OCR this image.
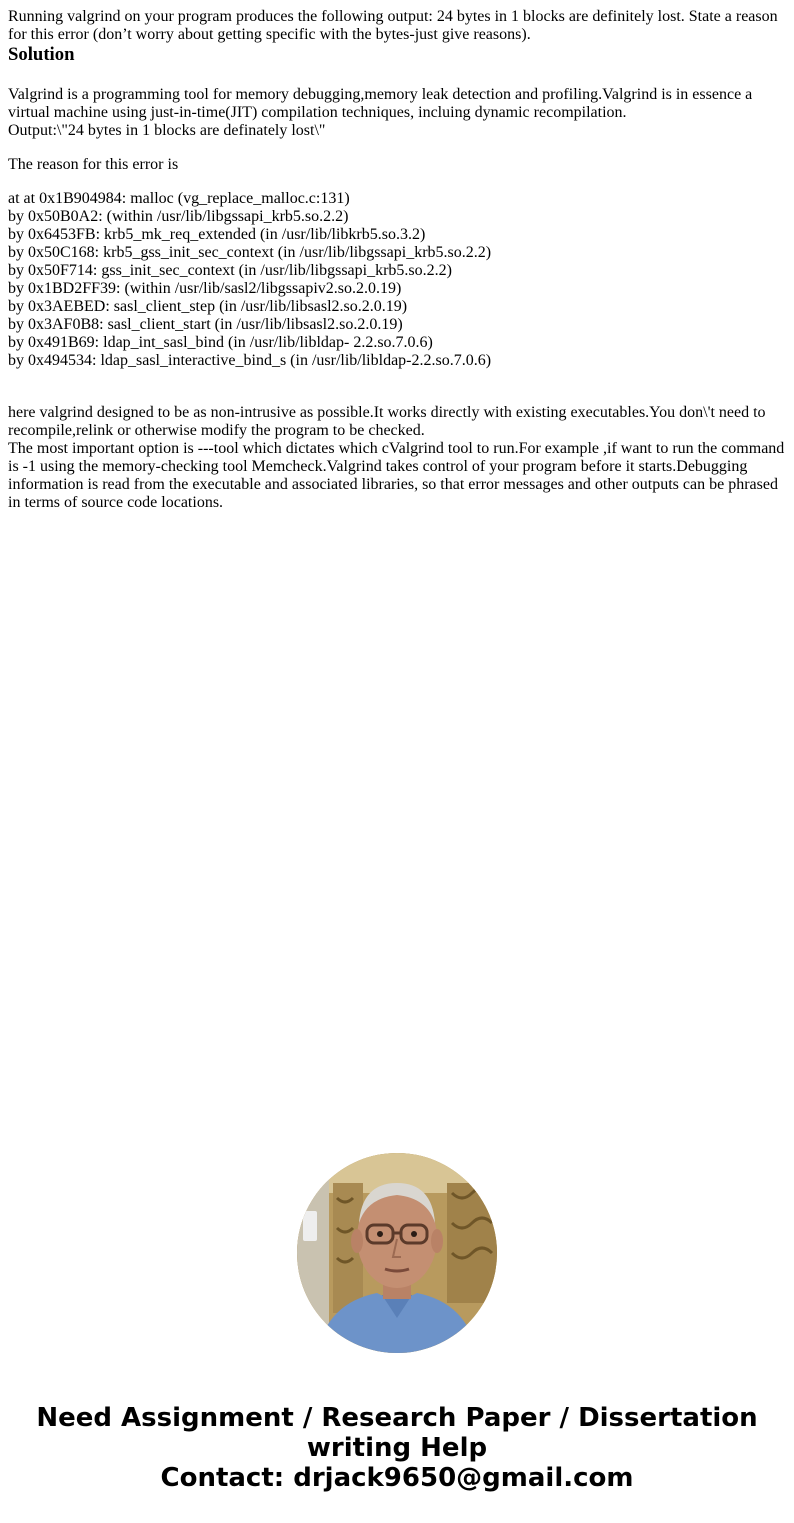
Running valgrind on your program produces the following output: 24 bytes in 1 blocks are definitely lost. State a reason for this error (don’t worry about getting specific with the bytes-just give reasons).

Solution
Valgrind is a programming tool for memory debugging,memory leak detection and profiling.Valgrind is in essence a virtual machine using just-in-time(JIT) compilation techniques, incluing dynamic recompilation.
Output:\"24 bytes in 1 blocks are definately lost\"
The reason for this error is
at at 0x1B904984: malloc (vg_replace_malloc.c:131)
by 0x50B0A2: (within /usr/lib/libgssapi_krb5.so.2.2)
by 0x6453FB: krb5_mk_req_extended (in /usr/lib/libkrb5.so.3.2)
by 0x50C168: krb5_gss_init_sec_context (in /usr/lib/libgssapi_krb5.so.2.2)
by 0x50F714: gss_init_sec_context (in /usr/lib/libgssapi_krb5.so.2.2)
by 0x1BD2FF39: (within /usr/lib/sasl2/libgssapiv2.so.2.0.19)
by 0x3AEBED: sasl_client_step (in /usr/lib/libsasl2.so.2.0.19)
by 0x3AF0B8: sasl_client_start (in /usr/lib/libsasl2.so.2.0.19)
by 0x491B69: ldap_int_sasl_bind (in /usr/lib/libldap- 2.2.so.7.0.6)
by 0x494534: ldap_sasl_interactive_bind_s (in /usr/lib/libldap-2.2.so.7.0.6)
here valgrind designed to be as non-intrusive as possible.It works directly with existing executables.You don\'t need to recompile,relink or otherwise modify the program to be checked.
The most important option is ---tool which dictates which cValgrind tool to run.For example ,if want to run the command is -1 using the memory-checking tool Memcheck.Valgrind takes control of your program before it starts.Debugging information is read from the executable and associated libraries, so that error messages and other outputs can be phrased in terms of source code locations.
Need Assignment / Research Paper / Dissertation
writing Help
Contact: drjack9650@gmail.com
